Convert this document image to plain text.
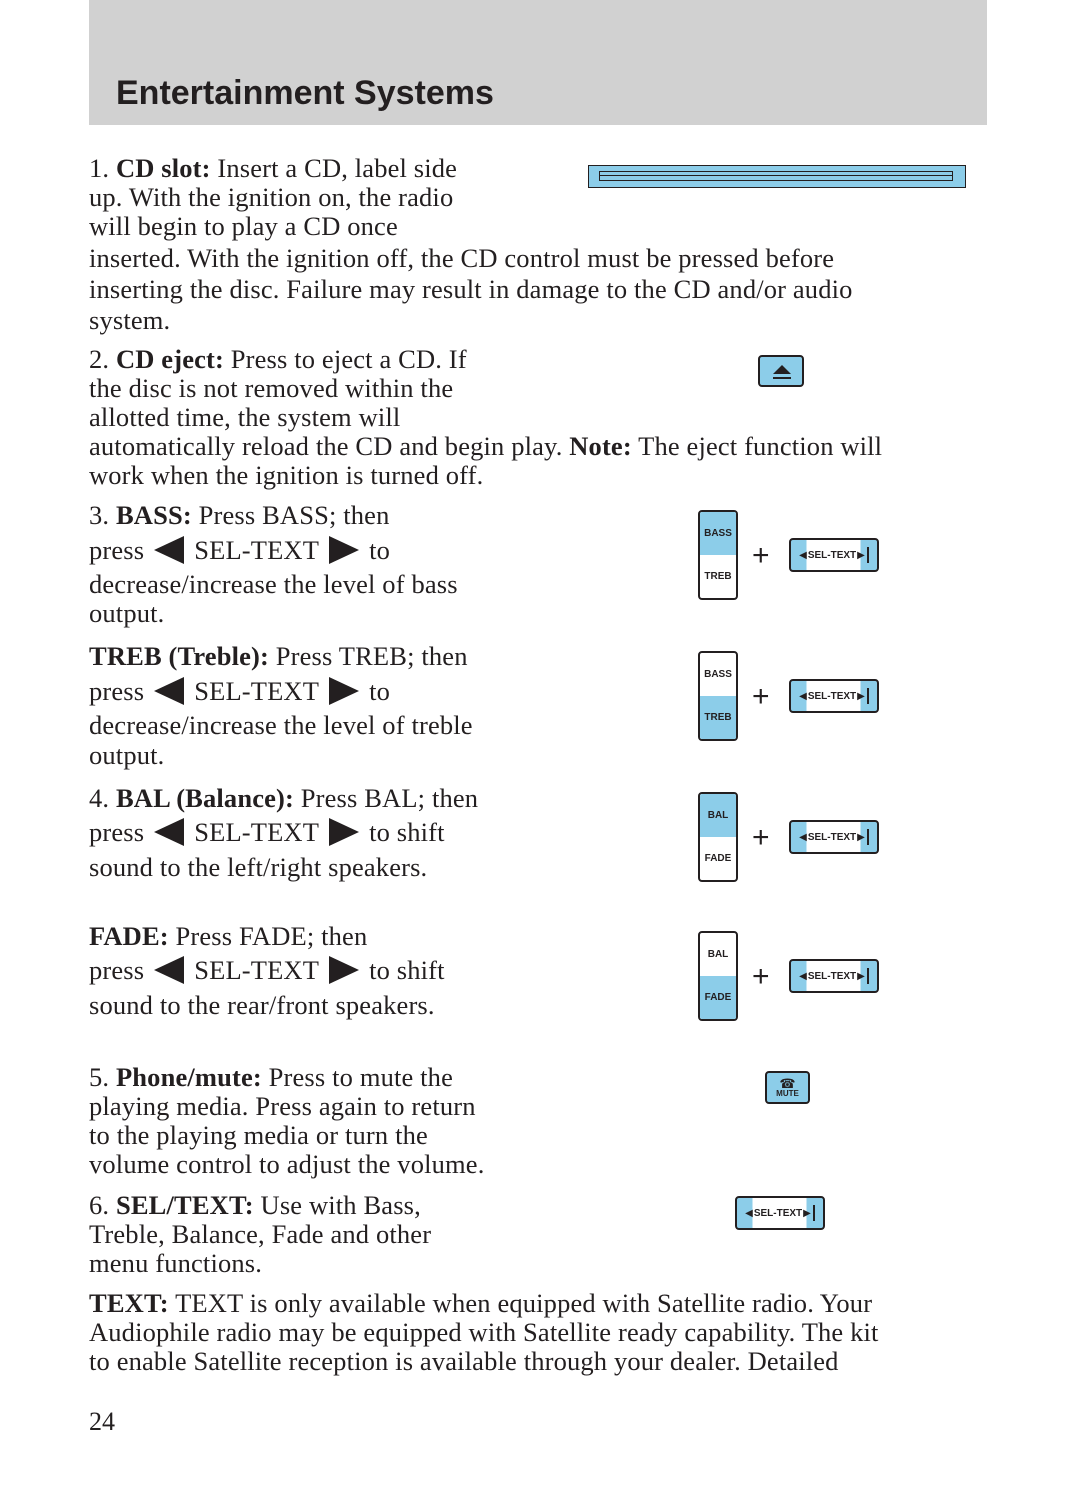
Entertainment Systems
1. CD slot: Insert a CD, label side
up. With the ignition on, the radio
will begin to play a CD once
inserted. With the ignition off, the CD control must be pressed before
inserting the disc. Failure may result in damage to the CD and/or audio
system.
2. CD eject: Press to eject a CD. If
the disc is not removed within the
allotted time, the system will
automatically reload the CD and begin play. Note: The eject function will
work when the ignition is turned off.
3. BASS: Press BASS; then
press SEL-TEXT to
decrease/increase the level of bass
output.
BASS
TREB
+	◀ SEL-TEXT ▶
TREB (Treble): Press TREB; then
press SEL-TEXT to
decrease/increase the level of treble
output.
BASS
TREB
+	◀ SEL-TEXT ▶
4. BAL (Balance): Press BAL; then
press SEL-TEXT to shift
sound to the left/right speakers.
BAL
FADE
+	◀ SEL-TEXT ▶
FADE: Press FADE; then
press SEL-TEXT to shift
sound to the rear/front speakers.
BAL
FADE
+	◀ SEL-TEXT ▶
5. Phone/mute: Press to mute the
playing media. Press again to return
to the playing media or turn the
volume control to adjust the volume.
☎
MUTE
6. SEL/TEXT: Use with Bass,
Treble, Balance, Fade and other
menu functions.
◀ SEL-TEXT ▶
TEXT: TEXT is only available when equipped with Satellite radio. Your
Audiophile radio may be equipped with Satellite ready capability. The kit
to enable Satellite reception is available through your dealer. Detailed
24
